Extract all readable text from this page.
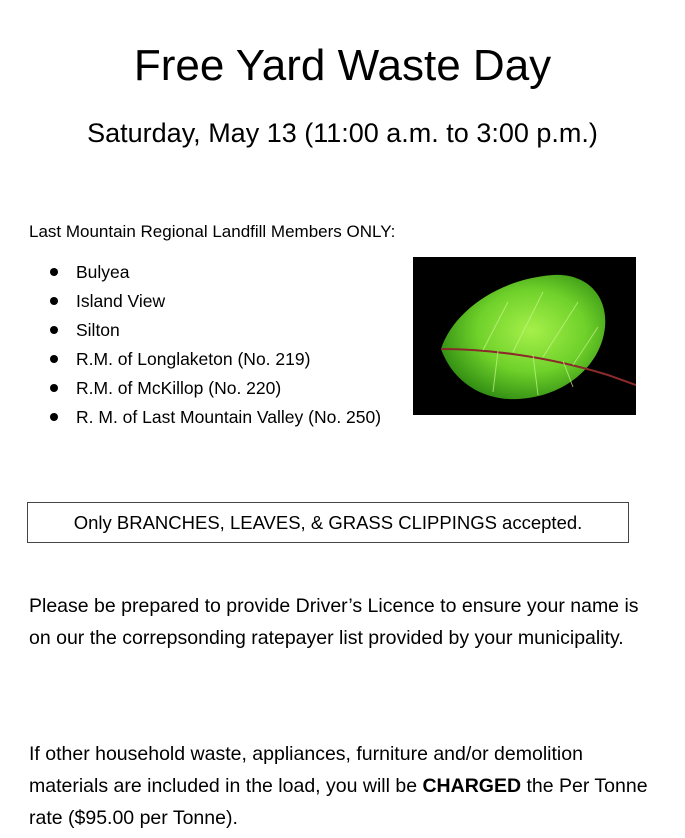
Free Yard Waste Day
Saturday, May 13 (11:00 a.m. to 3:00 p.m.)
Last Mountain Regional Landfill Members ONLY:
Bulyea
Island View
Silton
R.M. of Longlaketon (No. 219)
R.M. of McKillop (No. 220)
R. M. of Last Mountain Valley (No. 250)
Only BRANCHES, LEAVES, & GRASS CLIPPINGS accepted.

Please be prepared to provide Driver’s Licence to ensure your name is on our the correpsonding ratepayer list provided by your municipality.

If other household waste, appliances, furniture and/or demolition materials are included in the load, you will be CHARGED the Per Tonne rate ($95.00 per Tonne).
